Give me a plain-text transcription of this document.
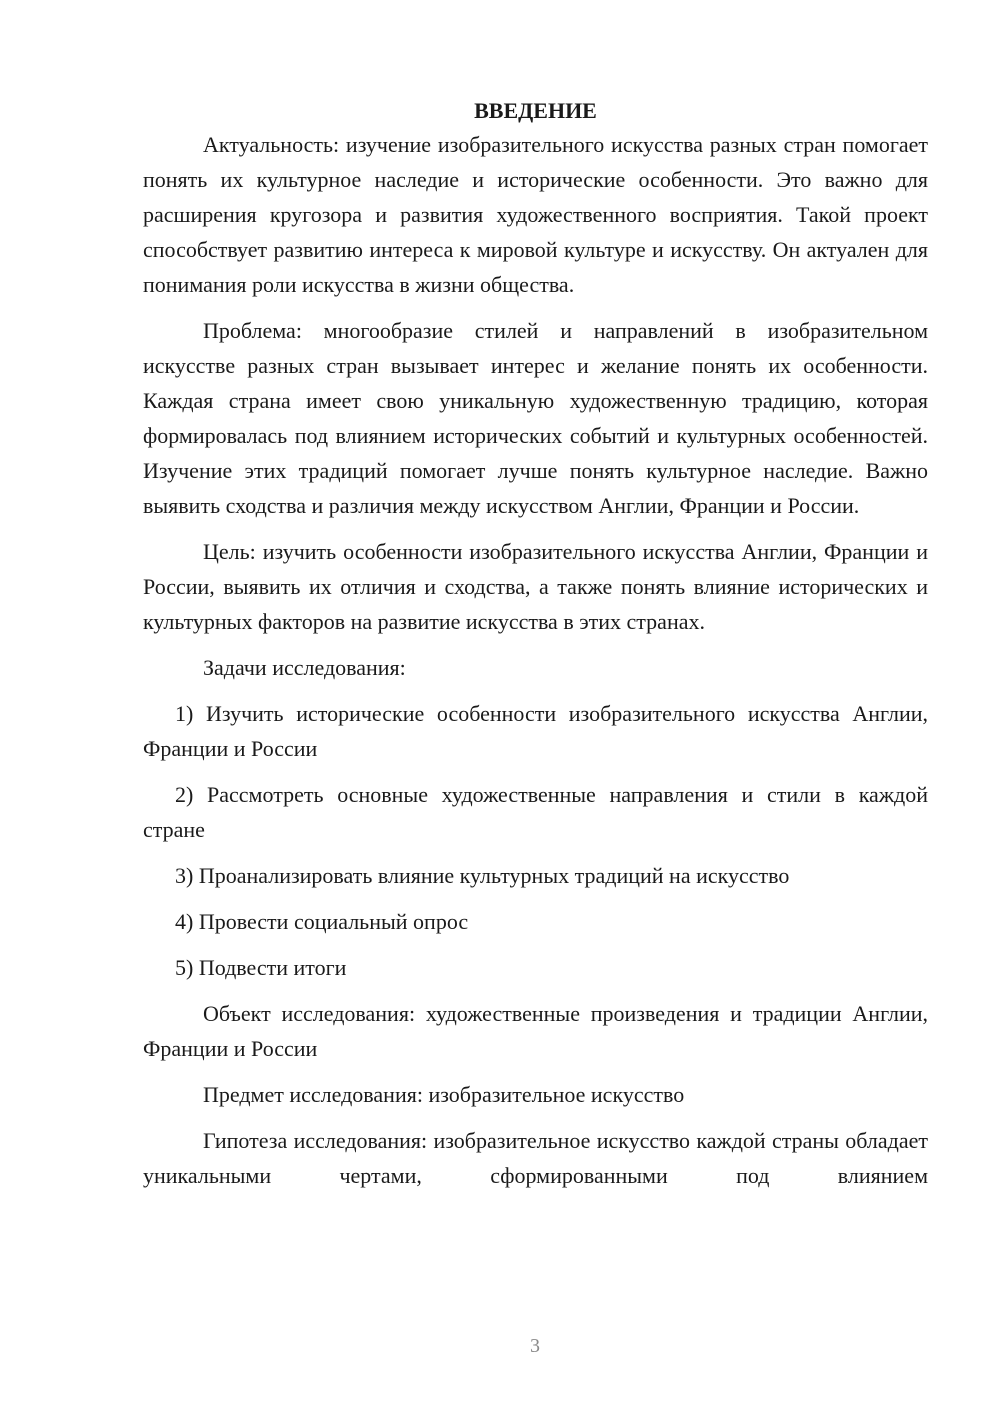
ВВЕДЕНИЕ

Актуальность: изучение изобразительного искусства разных стран помогает понять их культурное наследие и исторические особенности. Это важно для расширения кругозора и развития художественного восприятия. Такой проект способствует развитию интереса к мировой культуре и искусству. Он актуален для понимания роли искусства в жизни общества.

Проблема: многообразие стилей и направлений в изобразительном искусстве разных стран вызывает интерес и желание понять их особенности. Каждая страна имеет свою уникальную художественную традицию, которая формировалась под влиянием исторических событий и культурных особенностей. Изучение этих традиций помогает лучше понять культурное наследие. Важно выявить сходства и различия между искусством Англии, Франции и России.

Цель: изучить особенности изобразительного искусства Англии, Франции и России, выявить их отличия и сходства, а также понять влияние исторических и культурных факторов на развитие искусства в этих странах.

Задачи исследования:

1) Изучить исторические особенности изобразительного искусства Англии, Франции и России

2) Рассмотреть основные художественные направления и стили в каждой стране

3) Проанализировать влияние культурных традиций на искусство

4) Провести социальный опрос

5) Подвести итоги

Объект исследования: художественные произведения и традиции Англии, Франции и России

Предмет исследования: изобразительное искусство

Гипотеза исследования: изобразительное искусство каждой страны обладает уникальными чертами, сформированными под влиянием

3
